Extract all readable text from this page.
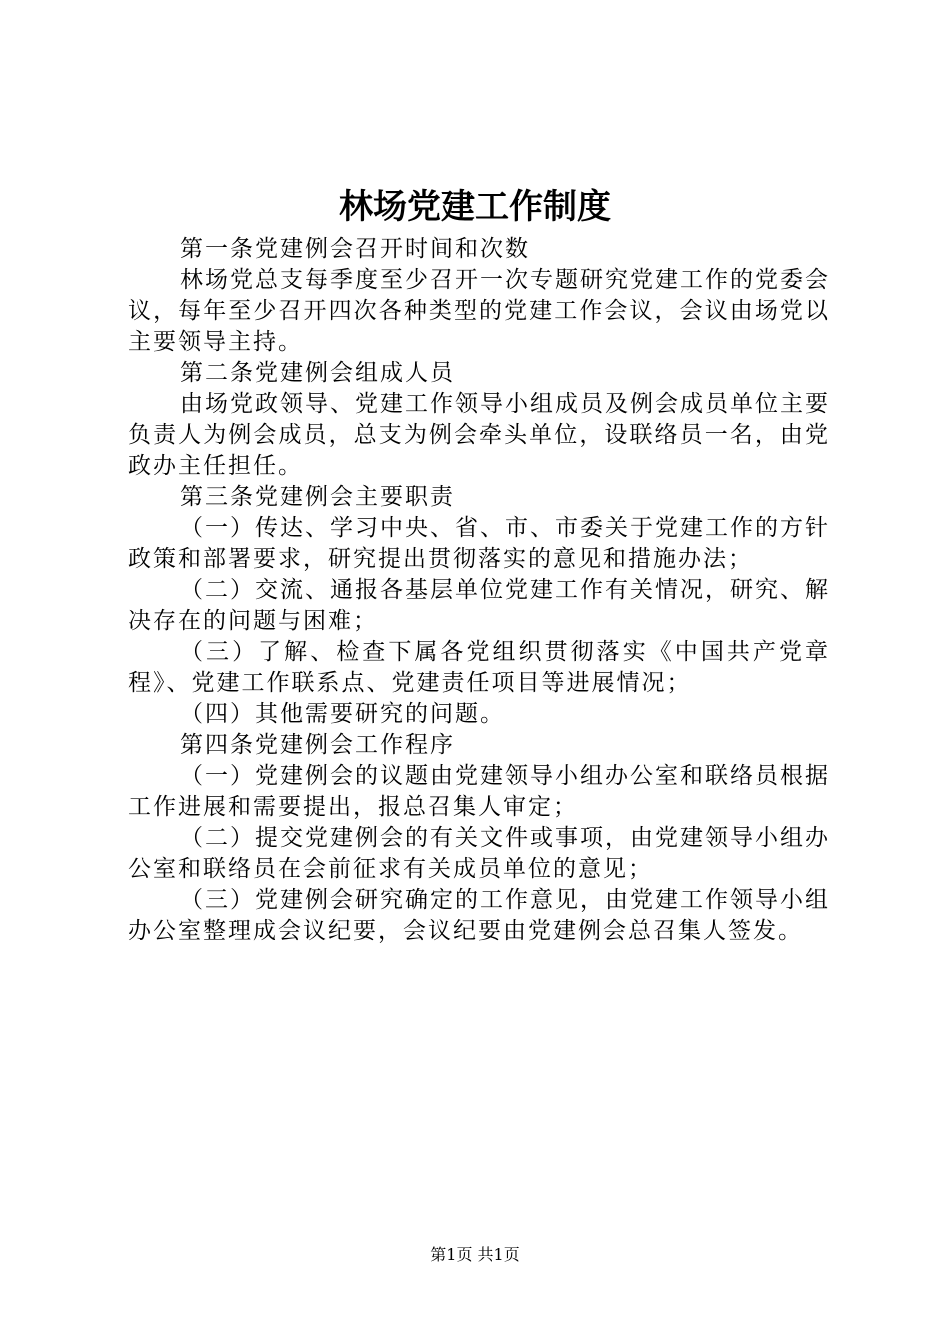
林场党建工作制度

第一条党建例会召开时间和次数

林场党总支每季度至少召开一次专题研究党建工作的党委会议，每年至少召开四次各种类型的党建工作会议，会议由场党以主要领导主持。

第二条党建例会组成人员

由场党政领导、党建工作领导小组成员及例会成员单位主要负责人为例会成员，总支为例会牵头单位，设联络员一名，由党政办主任担任。

第三条党建例会主要职责

（一）传达、学习中央、省、市、市委关于党建工作的方针政策和部署要求，研究提出贯彻落实的意见和措施办法；

（二）交流、通报各基层单位党建工作有关情况，研究、解决存在的问题与困难；

（三）了解、检查下属各党组织贯彻落实《中国共产党章程》、党建工作联系点、党建责任项目等进展情况；

（四）其他需要研究的问题。

第四条党建例会工作程序

（一）党建例会的议题由党建领导小组办公室和联络员根据工作进展和需要提出，报总召集人审定；

（二）提交党建例会的有关文件或事项，由党建领导小组办公室和联络员在会前征求有关成员单位的意见；

（三）党建例会研究确定的工作意见，由党建工作领导小组办公室整理成会议纪要，会议纪要由党建例会总召集人签发。

第1页 共1页
